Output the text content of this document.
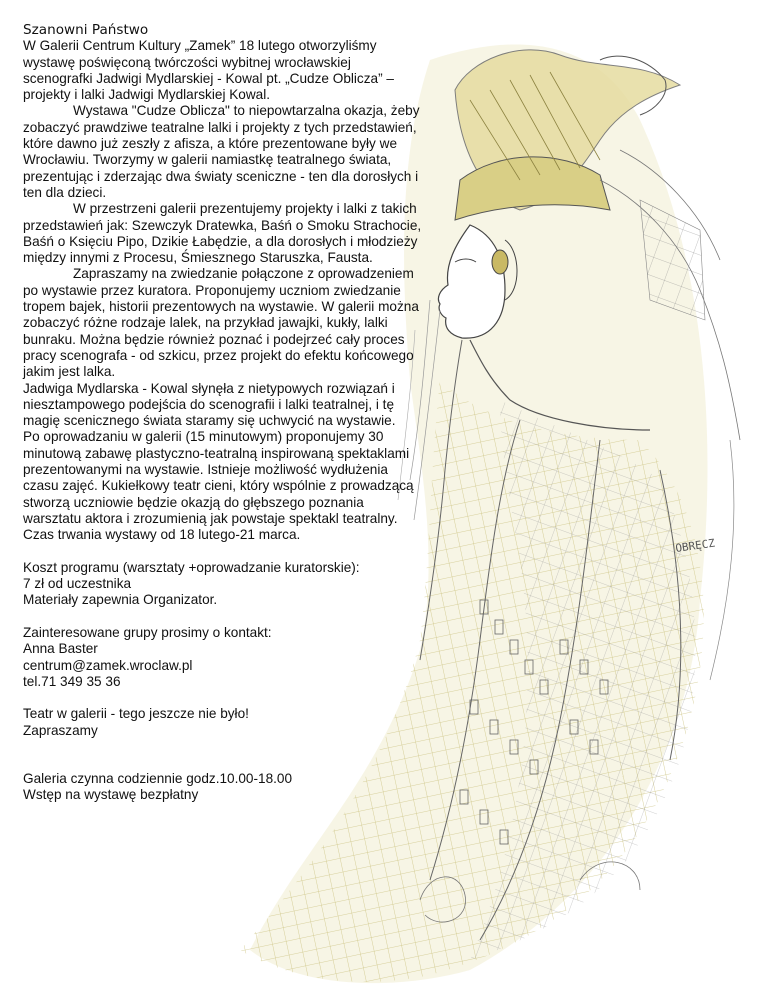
OBRĘCZ

Szanowni Państwo

W Galerii Centrum Kultury „Zamek” 18 lutego otworzyliśmy wystawę poświęconą twórczości wybitnej wrocławskiej scenografki Jadwigi Mydlarskiej - Kowal pt. „Cudze Oblicza” – projekty i lalki Jadwigi Mydlarskiej Kowal.

Wystawa "Cudze Oblicza" to niepowtarzalna okazja, żeby zobaczyć prawdziwe teatralne lalki i projekty z tych przedstawień, które dawno już zeszły z afisza, a które prezentowane były we Wrocławiu. Tworzymy w galerii namiastkę teatralnego świata, prezentując i zderzając dwa światy sceniczne - ten dla dorosłych i ten dla dzieci.

W przestrzeni galerii prezentujemy projekty i lalki z takich przedstawień jak: Szewczyk Dratewka, Baśń o Smoku Strachocie, Baśń o Księciu Pipo, Dzikie Łabędzie, a dla dorosłych i młodzieży między innymi z Procesu, Śmiesznego Staruszka, Fausta.

Zapraszamy na zwiedzanie połączone z oprowadzeniem po wystawie przez kuratora. Proponujemy uczniom zwiedzanie tropem bajek, historii prezentowych na wystawie. W galerii można zobaczyć różne rodzaje lalek, na przykład jawajki, kukły, lalki bunraku. Można będzie również poznać i podejrzeć cały proces pracy scenografa - od szkicu, przez projekt do efektu końcowego jakim jest lalka.

Jadwiga Mydlarska - Kowal słynęła z nietypowych rozwiązań i niesztampowego podejścia do scenografii i lalki teatralnej, i tę magię scenicznego świata staramy się uchwycić na wystawie.

Po oprowadzaniu w galerii (15 minutowym) proponujemy 30 minutową zabawę plastyczno-teatralną inspirowaną spektaklami prezentowanymi na wystawie. Istnieje możliwość wydłużenia czasu zajęć. Kukiełkowy teatr cieni, który wspólnie z prowadzącą stworzą uczniowie będzie okazją do głębszego poznania warsztatu aktora i zrozumienią jak powstaje spektakl teatralny.

Czas trwania wystawy od 18 lutego-21 marca.

Koszt programu (warsztaty +oprowadzanie kuratorskie):

7 zł od uczestnika

Materiały zapewnia Organizator.

Zainteresowane grupy prosimy o kontakt:

Anna Baster

centrum@zamek.wroclaw.pl

tel.71 349 35 36

Teatr w galerii - tego jeszcze nie było!

Zapraszamy

Galeria czynna codziennie godz.10.00-18.00

Wstęp na wystawę bezpłatny
